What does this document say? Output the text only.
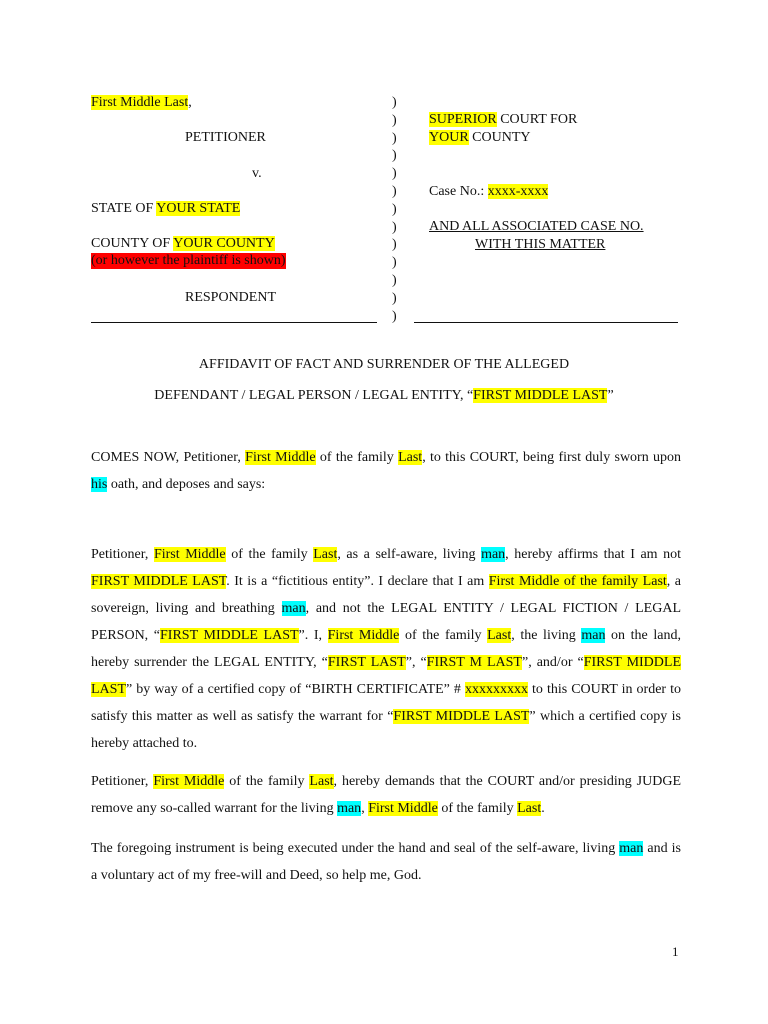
First Middle Last,
PETITIONER
v.
STATE OF YOUR STATE
COUNTY OF YOUR COUNTY
(or however the plaintiff is shown)
RESPONDENT
)
)
)
)
)
)
)
)
)
)
)
)
)
SUPERIOR COURT FOR
YOUR COUNTY
Case No.: xxxx-xxxx
AND ALL ASSOCIATED CASE NO.
WITH THIS MATTER
AFFIDAVIT OF FACT AND SURRENDER OF THE ALLEGED
DEFENDANT / LEGAL PERSON / LEGAL ENTITY, “FIRST MIDDLE LAST”
COMES NOW, Petitioner, First Middle of the family Last, to this COURT, being first duly sworn upon his oath, and deposes and says:
Petitioner, First Middle of the family Last, as a self-aware, living man, hereby affirms that I am not FIRST MIDDLE LAST. It is a “fictitious entity”. I declare that I am First Middle of the family Last, a sovereign, living and breathing man, and not the LEGAL ENTITY / LEGAL FICTION / LEGAL PERSON, “FIRST MIDDLE LAST”. I, First Middle of the family Last, the living man on the land, hereby surrender the LEGAL ENTITY, “FIRST LAST”, “FIRST M LAST”, and/or “FIRST MIDDLE LAST” by way of a certified copy of “BIRTH CERTIFICATE” # xxxxxxxxx to this COURT in order to satisfy this matter as well as satisfy the warrant for “FIRST MIDDLE LAST” which a certified copy is hereby attached to.
Petitioner, First Middle of the family Last, hereby demands that the COURT and/or presiding JUDGE remove any so-called warrant for the living man, First Middle of the family Last.
The foregoing instrument is being executed under the hand and seal of the self-aware, living man and is a voluntary act of my free-will and Deed, so help me, God.
1
